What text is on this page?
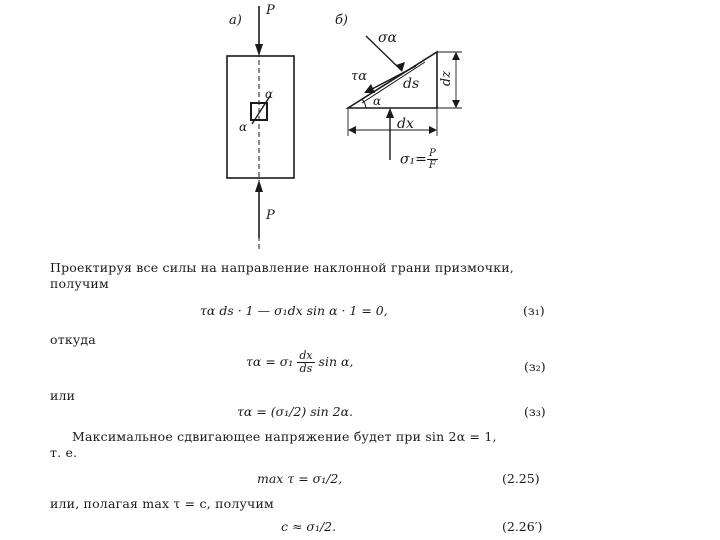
а)
P
P
α
α
б)
σα
τα	ds dz
α
dx
$\sigma_1= \frac{P}{F}$
Проектируя все силы на направление наклонной грани призмочки,
получим
τα ds · 1 — σ₁dx sin α · 1 = 0,	(з₁)
откуда
$\tau\alpha = \sigma_1 \frac{dx}{ds}$ sin α,	(з₂)
или
τα = (σ₁/2) sin 2α.	(з₃)
Максимальное сдвигающее напряжение будет при sin 2α = 1,
т. е.
max τ = σ₁/2,	(2.25)
или, полагая max τ = c, получим
c ≈ σ₁/2.	(2.26′)
